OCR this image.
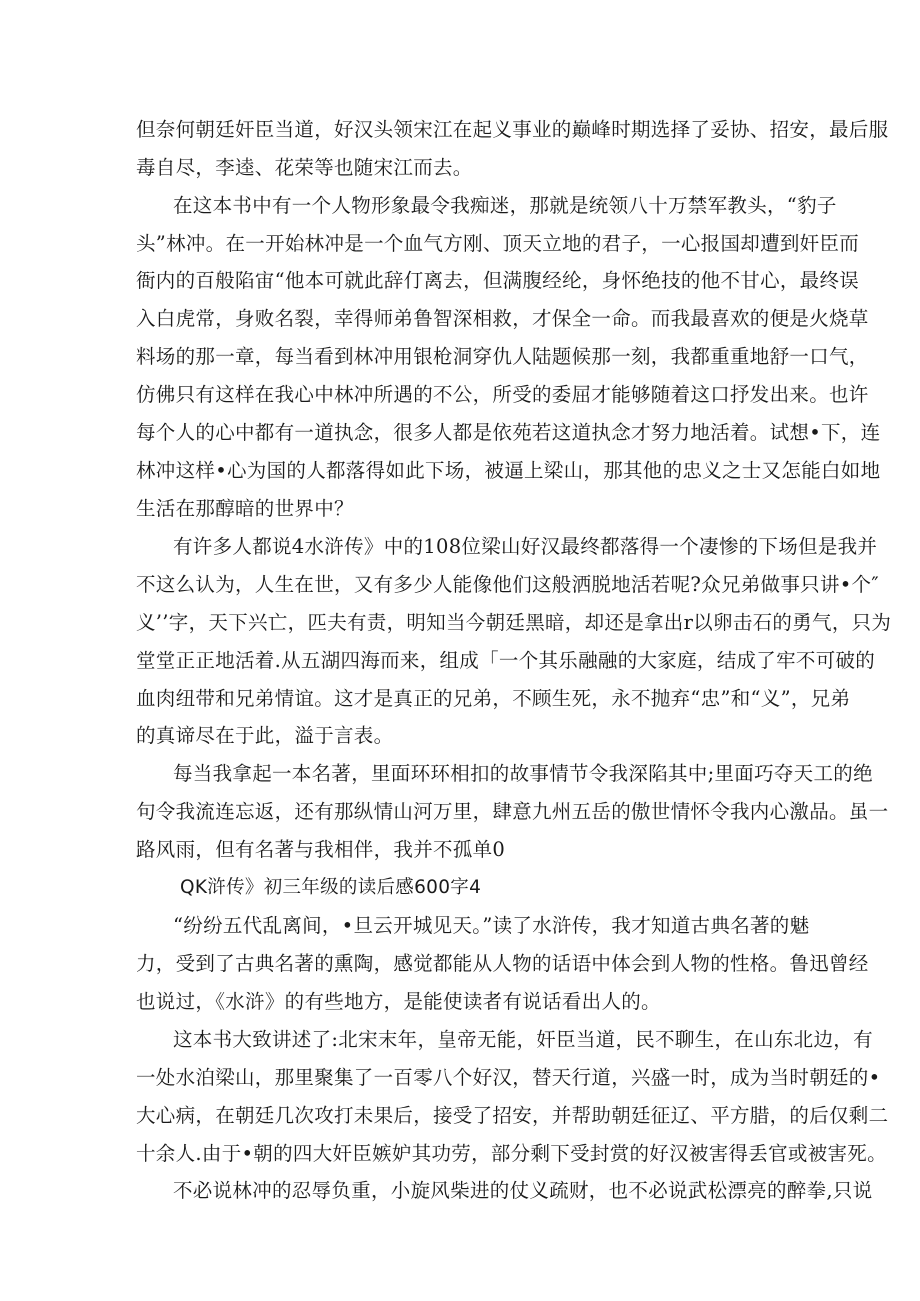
但奈何朝廷奸臣当道，好汉头领宋江在起义事业的巅峰时期选择了妥协、招安，最后服
毒自尽，李逵、花荣等也随宋江而去。
在这本书中有一个人物形象最令我痴迷，那就是统领八十万禁军教头，“豹子
头”林冲。在一开始林冲是一个血气方刚、顶天立地的君子，一心报国却遭到奸臣而
衙内的百般陷宙“他本可就此辞仃离去，但满腹经纶，身怀绝技的他不甘心，最终误
入白虎常，身败名裂，幸得师弟鲁智深相救，才保全一命。而我最喜欢的便是火烧草
料场的那一章，每当看到林冲用银枪洞穿仇人陆题候那一刻，我都重重地舒一口气，
仿佛只有这样在我心中林冲所遇的不公，所受的委屈才能够随着这口抒发出来。也许
每个人的心中都有一道执念，很多人都是依苑若这道执念才努力地活着。试想•下，连
林冲这样•心为国的人都落得如此下场，被逼上梁山，那其他的忠义之士又怎能白如地
生活在那醇暗的世界中？
有许多人都说4水浒传》中的108位梁山好汉最终都落得一个凄惨的下场但是我并
不这么认为，人生在世，又有多少人能像他们这般洒脱地活若呢?众兄弟做事只讲•个″
义’’字，天下兴亡，匹夫有责，明知当今朝廷黑暗，却还是拿出r以卵击石的勇气，只为
堂堂正正地活着.从五湖四海而来，组成「一个其乐融融的大家庭，结成了牢不可破的
血肉纽带和兄弟情谊。这才是真正的兄弟，不顾生死，永不抛弃“忠”和“义”，兄弟
的真谛尽在于此，溢于言表。
每当我拿起一本名著，里面环环相扣的故事情节令我深陷其中;里面巧夺天工的绝
句令我流连忘返，还有那纵情山河万里，肆意九州五岳的傲世情怀令我内心激品。虽一
路风雨，但有名著与我相伴，我并不孤单0
QK浒传》初三年级的读后感600字4
“纷纷五代乱离间，•旦云开城见天。”读了水浒传，我才知道古典名著的魅
力，受到了古典名著的熏陶，感觉都能从人物的话语中体会到人物的性格。鲁迅曾经
也说过，《水浒》的有些地方，是能使读者有说话看出人的。
这本书大致讲述了:北宋末年，皇帝无能，奸臣当道，民不聊生，在山东北边，有
一处水泊梁山，那里聚集了一百零八个好汉，替天行道，兴盛一时，成为当时朝廷的•
大心病，在朝廷几次攻打未果后，接受了招安，并帮助朝廷征辽、平方腊，的后仅剩二
十余人.由于•朝的四大奸臣嫉妒其功劳，部分剩下受封赏的好汉被害得丢官或被害死。
不必说林冲的忍辱负重，小旋风柴进的仗义疏财，也不必说武松漂亮的醉拳,只说
